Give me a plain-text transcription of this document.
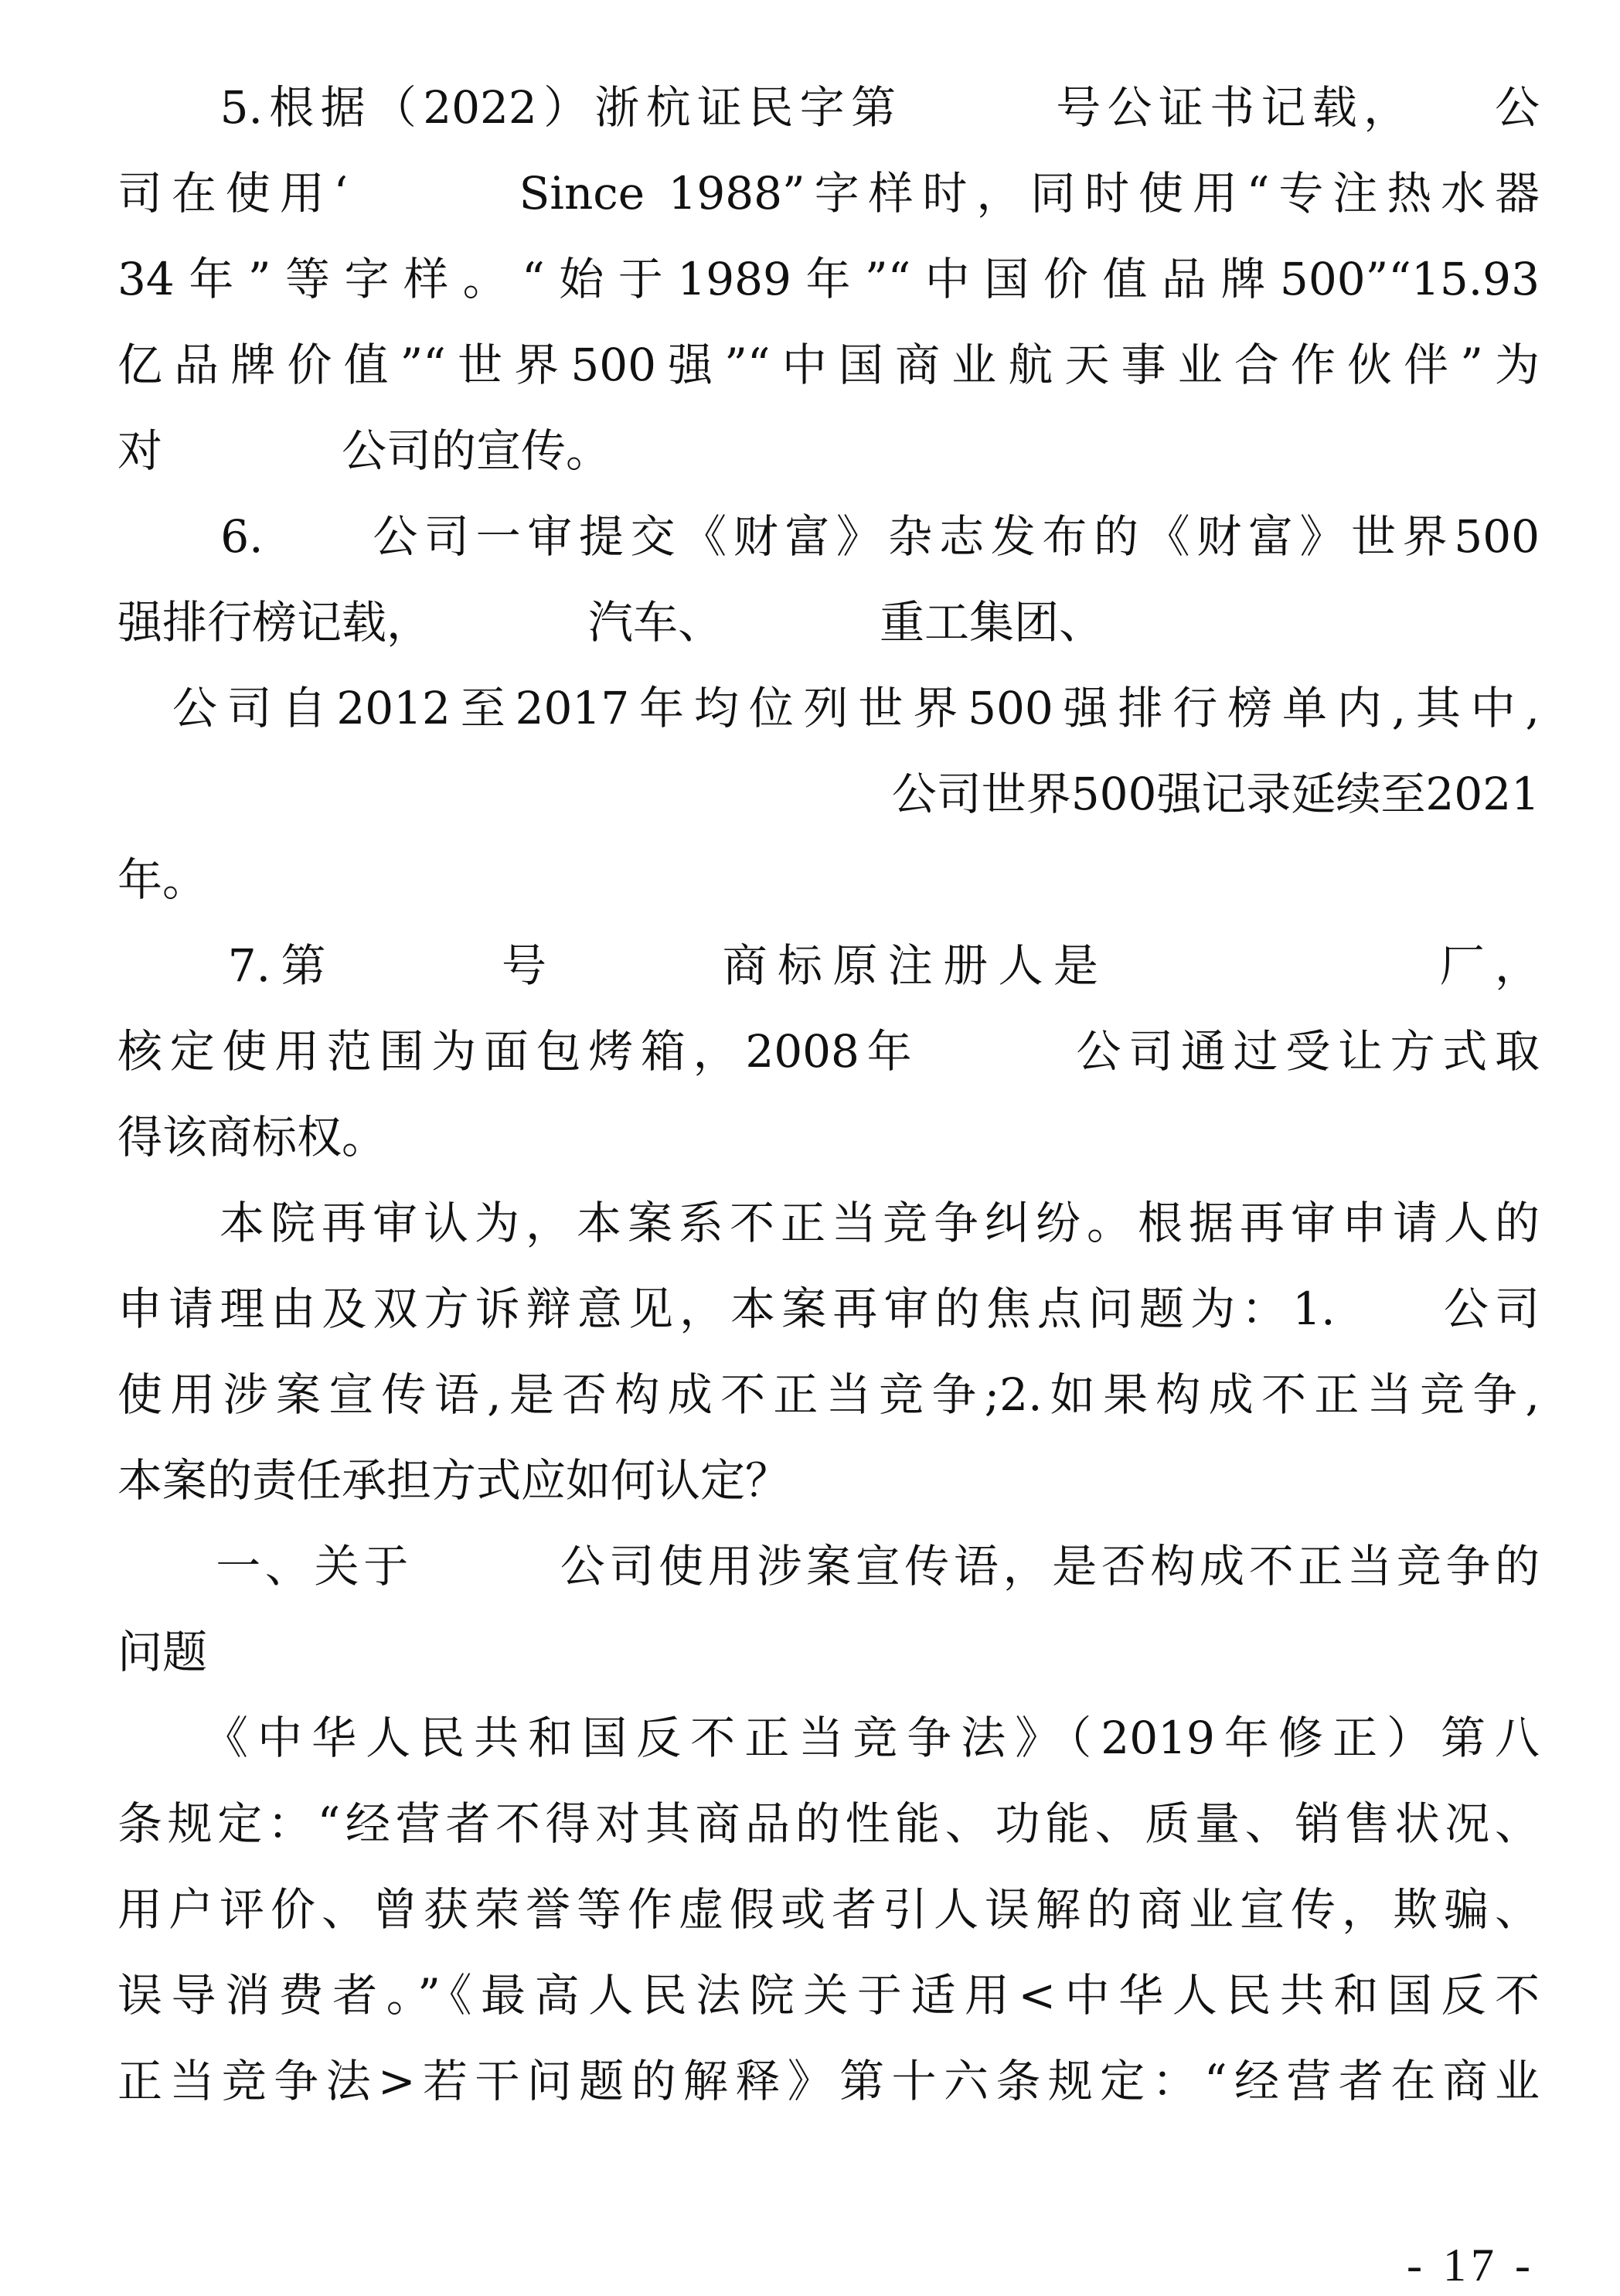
　　5.根据（2022）浙杭证民字第　　　号公证书记载，　　公
司在使用‘　　　Since 1988”字样时，同时使用“专注热水器
34年”等字样。“始于1989年”“中国价值品牌500”“15.93
亿品牌价值”“世界500强”“中国商业航天事业合作伙伴”为
对　　　　公司的宣传。
　　6.　　公司一审提交《财富》杂志发布的《财富》世界500
强排行榜记载，　　　　汽车、　　　　重工集团、
　公司自2012至2017年均位列世界500强排行榜单内,其中,
公司世界500强记录延续至2021
年。
　　7.第　　　号　　　商标原注册人是　　　　　　厂，
核定使用范围为面包烤箱，2008年　　　公司通过受让方式取
得该商标权。
　　本院再审认为，本案系不正当竞争纠纷。根据再审申请人的
申请理由及双方诉辩意见，本案再审的焦点问题为：1.　　公司
使用涉案宣传语,是否构成不正当竞争;2.如果构成不正当竞争,
本案的责任承担方式应如何认定？
　　一、关于　　　公司使用涉案宣传语，是否构成不正当竞争的
问题
　　《中华人民共和国反不正当竞争法》（2019年修正）第八
条规定：“经营者不得对其商品的性能、功能、质量、销售状况、
用户评价、曾获荣誉等作虚假或者引人误解的商业宣传，欺骗、
误导消费者。”《最高人民法院关于适用<中华人民共和国反不
正当竞争法>若干问题的解释》第十六条规定：“经营者在商业
- 17 -
